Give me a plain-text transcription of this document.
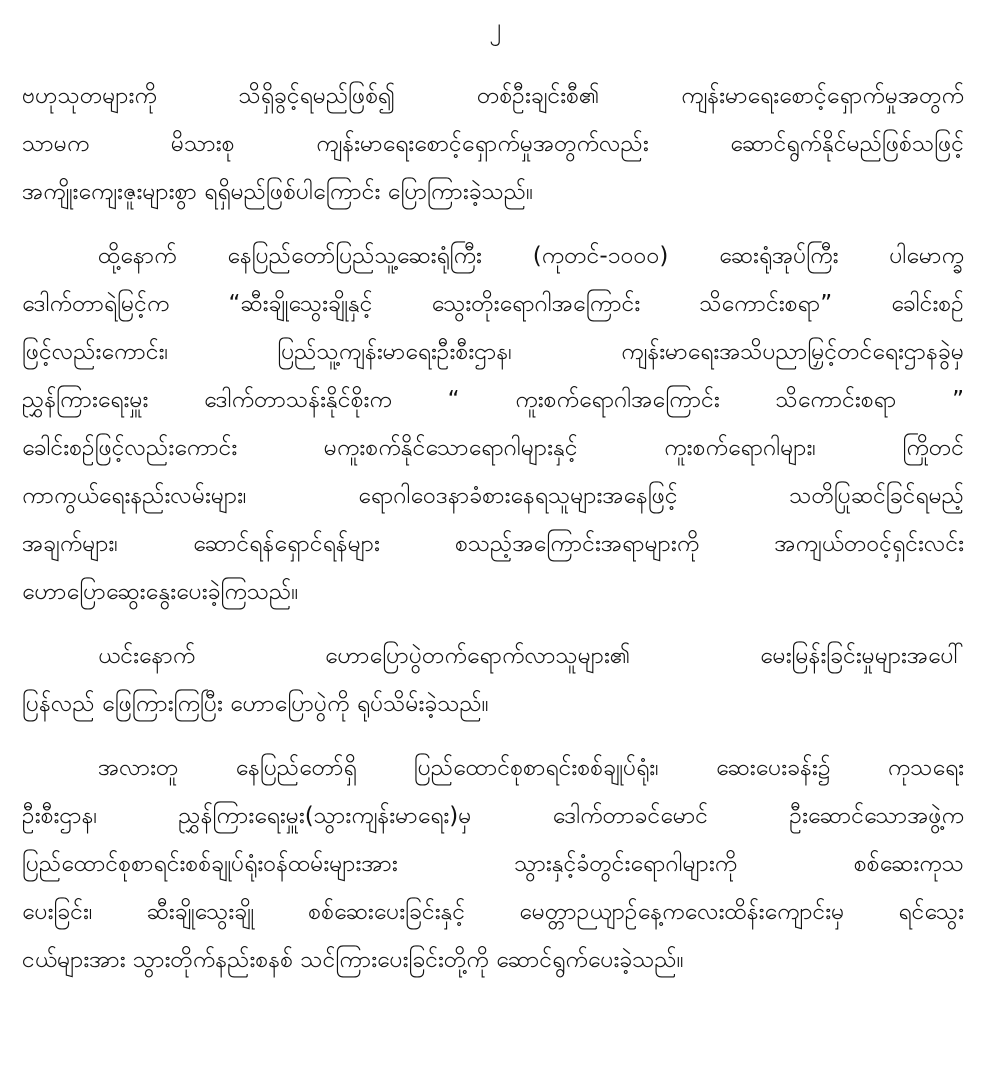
၂
ဗဟုသုတများကို သိရှိခွင့်ရမည်ဖြစ်၍ တစ်ဦးချင်းစီ၏ ကျန်းမာရေးစောင့်ရှောက်မှုအတွက်
သာမက မိသားစု ကျန်းမာရေးစောင့်ရှောက်မှုအတွက်လည်း ဆောင်ရွက်နိုင်မည်ဖြစ်သဖြင့်
အကျိုးကျေးဇူးများစွာ ရရှိမည်ဖြစ်ပါကြောင်း ပြောကြားခဲ့သည်။
ထို့နောက် နေပြည်တော်ပြည်သူ့ဆေးရုံကြီး (ကုတင်-၁၀၀၀) ဆေးရုံအုပ်ကြီး ပါမောက္ခ
ဒေါက်တာရဲမြင့်က “ဆီးချိုသွေးချိုနှင့် သွေးတိုးရောဂါအကြောင်း သိကောင်းစရာ” ခေါင်းစဉ်
ဖြင့်လည်းကောင်း၊ ပြည်သူ့ကျန်းမာရေးဦးစီးဌာန၊ ကျန်းမာရေးအသိပညာမြှင့်တင်ရေးဌာနခွဲမှ
ညွှန်ကြားရေးမှူး ဒေါက်တာသန်းနိုင်စိုးက “ ကူးစက်ရောဂါအကြောင်း သိကောင်းစရာ ”
ခေါင်းစဉ်ဖြင့်လည်းကောင်း မကူးစက်နိုင်သောရောဂါများနှင့် ကူးစက်ရောဂါများ၊ ကြိုတင်
ကာကွယ်ရေးနည်းလမ်းများ၊ ရောဂါဝေဒနာခံစားနေရသူများအနေဖြင့် သတိပြုဆင်ခြင်ရမည့်
အချက်များ၊ ဆောင်ရန်ရှောင်ရန်များ စသည့်အကြောင်းအရာများကို အကျယ်တဝင့်ရှင်းလင်း
ဟောပြောဆွေးနွေးပေးခဲ့ကြသည်။
ယင်းနောက် ဟောပြောပွဲတက်ရောက်လာသူများ၏ မေးမြန်းခြင်းမှုများအပေါ်
ပြန်လည် ဖြေကြားကြပြီး ဟောပြောပွဲကို ရုပ်သိမ်းခဲ့သည်။
အလားတူ နေပြည်တော်ရှိ ပြည်ထောင်စုစာရင်းစစ်ချုပ်ရုံး၊ ဆေးပေးခန်း၌ ကုသရေး
ဦးစီးဌာန၊ ညွှန်ကြားရေးမှူး(သွားကျန်းမာရေး)မှ ဒေါက်တာခင်မောင် ဦးဆောင်သောအဖွဲ့က
ပြည်ထောင်စုစာရင်းစစ်ချုပ်ရုံးဝန်ထမ်းများအား သွားနှင့်ခံတွင်းရောဂါများကို စစ်ဆေးကုသ
ပေးခြင်း၊ ဆီးချိုသွေးချို စစ်ဆေးပေးခြင်းနှင့် မေတ္တာဉယျာဉ်နေ့ကလေးထိန်းကျောင်းမှ ရင်သွေး
ငယ်များအား သွားတိုက်နည်းစနစ် သင်ကြားပေးခြင်းတို့ကို ဆောင်ရွက်ပေးခဲ့သည်။
